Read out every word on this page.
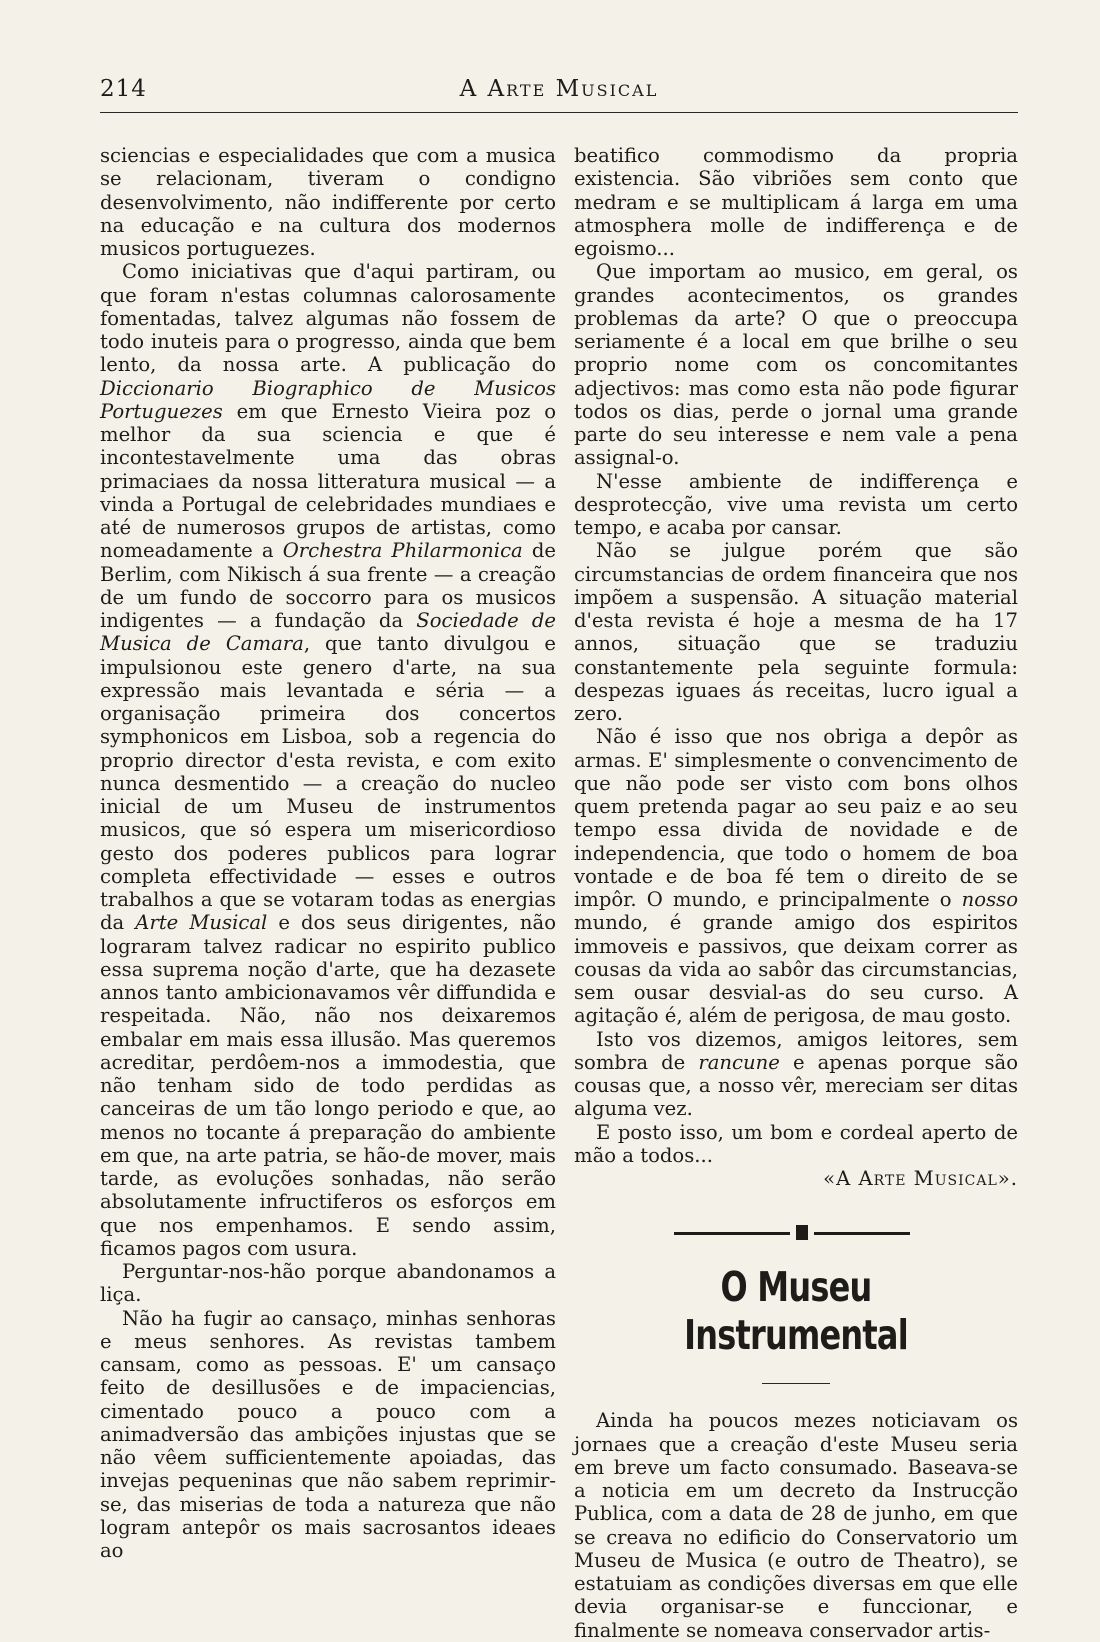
214	A Arte Musical

sciencias e especialidades que com a musica se relacionam, tiveram o condigno desenvolvimento, não indifferente por certo na educação e na cultura dos modernos musicos portuguezes.

Como iniciativas que d'aqui partiram, ou que foram n'estas columnas calorosamente fomentadas, talvez algumas não fossem de todo inuteis para o progresso, ainda que bem lento, da nossa arte. A publicação do Diccionario Biographico de Musicos Portuguezes em que Ernesto Vieira poz o melhor da sua sciencia e que é incontestavelmente uma das obras primaciaes da nossa litteratura musical — a vinda a Portugal de celebridades mundiaes e até de numerosos grupos de artistas, como nomeadamente a Orchestra Philarmonica de Berlim, com Nikisch á sua frente — a creação de um fundo de soccorro para os musicos indigentes — a fundação da Sociedade de Musica de Camara, que tanto divulgou e impulsionou este genero d'arte, na sua expressão mais levantada e séria — a organisação primeira dos concertos symphonicos em Lisboa, sob a regencia do proprio director d'esta revista, e com exito nunca desmentido — a creação do nucleo inicial de um Museu de instrumentos musicos, que só espera um misericordioso gesto dos poderes publicos para lograr completa effectividade — esses e outros trabalhos a que se votaram todas as energias da Arte Musical e dos seus dirigentes, não lograram talvez radicar no espirito publico essa suprema noção d'arte, que ha dezasete annos tanto ambicionavamos vêr diffundida e respeitada. Não, não nos deixaremos embalar em mais essa illusão. Mas queremos acreditar, perdôem-nos a immodestia, que não tenham sido de todo perdidas as canceiras de um tão longo periodo e que, ao menos no tocante á preparação do ambiente em que, na arte patria, se hão-de mover, mais tarde, as evoluções sonhadas, não serão absolutamente infructiferos os esforços em que nos empenhamos. E sendo assim, ficamos pagos com usura.

Perguntar-nos-hão porque abandonamos a liça.

Não ha fugir ao cansaço, minhas senhoras e meus senhores. As revistas tambem cansam, como as pessoas. E' um cansaço feito de desillusões e de impaciencias, cimentado pouco a pouco com a animadversão das ambições injustas que se não vêem sufficientemente apoiadas, das invejas pequeninas que não sabem reprimir-se, das miserias de toda a natureza que não logram antepôr os mais sacrosantos ideaes ao

beatifico commodismo da propria existencia. São vibriões sem conto que medram e se multiplicam á larga em uma atmosphera molle de indifferença e de egoismo...

Que importam ao musico, em geral, os grandes acontecimentos, os grandes problemas da arte? O que o preoccupa seriamente é a local em que brilhe o seu proprio nome com os concomitantes adjectivos: mas como esta não pode figurar todos os dias, perde o jornal uma grande parte do seu interesse e nem vale a pena assignal-o.

N'esse ambiente de indifferença e desprotecção, vive uma revista um certo tempo, e acaba por cansar.

Não se julgue porém que são circumstancias de ordem financeira que nos impõem a suspensão. A situação material d'esta revista é hoje a mesma de ha 17 annos, situação que se traduziu constantemente pela seguinte formula: despezas iguaes ás receitas, lucro igual a zero.

Não é isso que nos obriga a depôr as armas. E' simplesmente o convencimento de que não pode ser visto com bons olhos quem pretenda pagar ao seu paiz e ao seu tempo essa divida de novidade e de independencia, que todo o homem de boa vontade e de boa fé tem o direito de se impôr. O mundo, e principalmente o nosso mundo, é grande amigo dos espiritos immoveis e passivos, que deixam correr as cousas da vida ao sabôr das circumstancias, sem ousar desvial-as do seu curso. A agitação é, além de perigosa, de mau gosto.

Isto vos dizemos, amigos leitores, sem sombra de rancune e apenas porque são cousas que, a nosso vêr, mereciam ser ditas alguma vez.

E posto isso, um bom e cordeal aperto de mão a todos...

«A Arte Musical».

O Museu Instrumental

Ainda ha poucos mezes noticiavam os jornaes que a creação d'este Museu seria em breve um facto consumado. Baseava-se a noticia em um decreto da Instrucção Publica, com a data de 28 de junho, em que se creava no edificio do Conservatorio um Museu de Musica (e outro de Theatro), se estatuiam as condições diversas em que elle devia organisar-se e funccionar, e finalmente se nomeava conservador artis-
